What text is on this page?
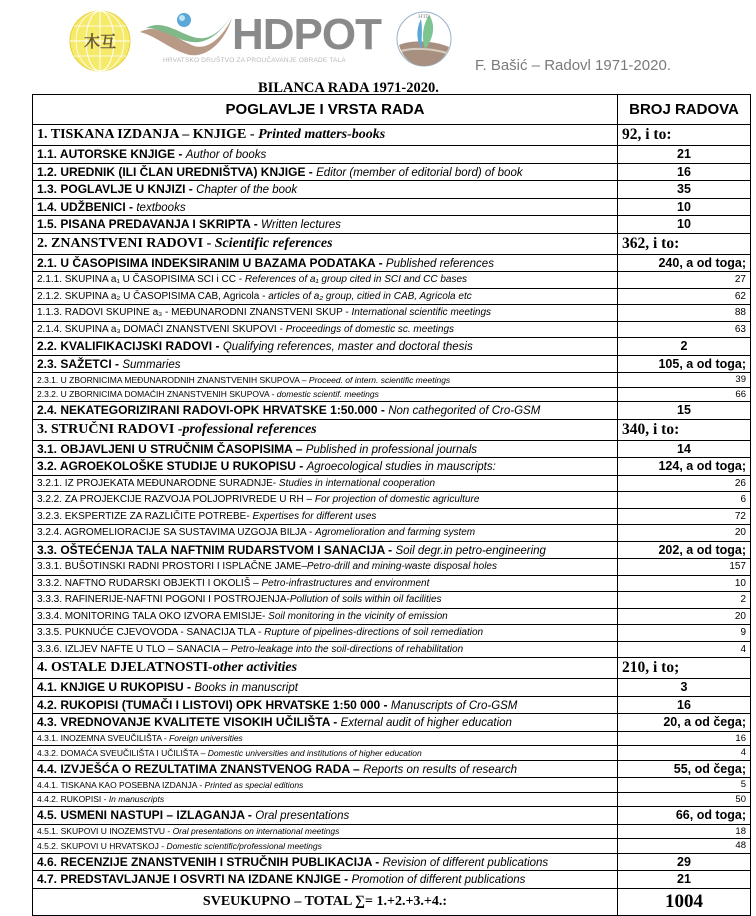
木互	HDPOT
HRVATSKO DRUŠTVO ZA PROUČAVANJE OBRADE TALA
HTD
F. Bašić – Radovl 1971-2020.
BILANCA RADA 1971-2020.
POGLAVLJE I VRSTA RADA	BROJ RADOVA
1. TISKANA IZDANJA – KNJIGE - Printed matters-books	92, i to:
1.1. AUTORSKE KNJIGE - Author of books	21
1.2. UREDNIK (ILI ČLAN UREDNIŠTVA) KNJIGE - Editor (member of editorial bord) of book	16
1.3. POGLAVLJE U KNJIZI - Chapter of the book	35
1.4. UDŽBENICI - textbooks	10
1.5. PISANA PREDAVANJA I SKRIPTA - Written lectures	10
2. ZNANSTVENI RADOVI - Scientific references	362, i to:
2.1. U ČASOPISIMA INDEKSIRANIM U BAZAMA PODATAKA - Published references	240, a od toga;
2.1.1. SKUPINA a₁ U ČASOPISIMA SCI i CC - References of a₁ group cited in SCI and CC bases	27
2.1.2. SKUPINA a₂ U ČASOPISIMA CAB, Agricola - articles of a₂ group, citied in CAB, Agricola etc	62
1.1.3. RADOVI SKUPINE a₃ - MEĐUNARODNI ZNANSTVENI SKUP - International scientific meetings	88
2.1.4. SKUPINA a₃ DOMAĆI ZNANSTVENI SKUPOVI - Proceedings of domestic sc. meetings	63
2.2. KVALIFIKACIJSKI RADOVI - Qualifying references, master and doctoral thesis	2
2.3. SAŽETCI - Summaries	105, a od toga;
2.3.1. U ZBORNICIMA MEĐUNARODNIH ZNANSTVENIH SKUPOVA – Proceed. of intern. scientific meetings	39
2.3.2. U ZBORNICIMA DOMAĆIH ZNANSTVENIH SKUPOVA - domestic scientif. meetings	66
2.4. NEKATEGORIZIRANI RADOVI-OPK HRVATSKE 1:50.000 - Non cathegorited of Cro-GSM	15
3. STRUČNI RADOVI -professional references	340, i to:
3.1. OBJAVLJENI U STRUČNIM ČASOPISIMA – Published in professional journals	14
3.2. AGROEKOLOŠKE STUDIJE U RUKOPISU - Agroecological studies in mauscripts:	124, a od toga;
3.2.1. IZ PROJEKATA MEĐUNARODNE SURADNJE- Studies in international cooperation	26
3.2.2. ZA PROJEKCIJE RAZVOJA POLJOPRIVREDE U RH – For projection of domestic agriculture	6
3.2.3. EKSPERTIZE ZA RAZLIČITE POTREBE- Expertises for different uses	72
3.2.4. AGROMELIORACIJE SA SUSTAVIMA UZGOJA BILJA - Agromelioration and farming system	20
3.3. OŠTEĆENJA TALA NAFTNIM RUDARSTVOM I SANACIJA - Soil degr.in petro-engineering	202, a od toga;
3.3.1. BUŠOTINSKI RADNI PROSTORI I ISPLAČNE JAME–Petro-drill and mining-waste disposal holes	157
3.3.2. NAFTNO RUDARSKI OBJEKTI I OKOLIŠ – Petro-infrastructures and environment	10
3.3.3. RAFINERIJE-NAFTNI POGONI I POSTROJENJA-Pollution of soils within oil facilities	2
3.3.4. MONITORING TALA OKO IZVORA EMISIJE- Soil monitoring in the vicinity of emission	20
3.3.5. PUKNUĆE CJEVOVODA - SANACIJA TLA - Rupture of pipelines-directions of soil remediation	9
3.3.6. IZLJEV NAFTE U TLO – SANACIA – Petro-leakage into the soil-directions of rehabilitation	4
4. OSTALE DJELATNOSTI-other activities	210, i to;
4.1. KNJIGE U RUKOPISU - Books in manuscript	3
4.2. RUKOPISI (TUMAČI I LISTOVI) OPK HRVATSKE 1:50 000 - Manuscripts of Cro-GSM	16
4.3. VREDNOVANJE KVALITETE VISOKIH UČILIŠTA - External audit of higher education	20, a od čega;
4.3.1. INOZEMNA SVEUČILIŠTA - Foreign universities	16
4.3.2. DOMAĆA SVEUČILIŠTA I UČILIŠTA – Domestic universities and institutions of higher education	4
4.4. IZVJEŠĆA O REZULTATIMA ZNANSTVENOG RADA – Reports on results of research	55, od čega;
4.4.1. TISKANA KAO POSEBNA IZDANJA - Printed as special editions	5
4.4.2. RUKOPISI - In manuscripts	50
4.5. USMENI NASTUPI – IZLAGANJA - Oral presentations	66, od toga;
4.5.1. SKUPOVI U INOZEMSTVU - Oral presentations on international meetings	18
4.5.2. SKUPOVI U HRVATSKOJ - Domestic scientific/professional meetings	48
4.6. RECENZIJE ZNANSTVENIH I STRUČNIH PUBLIKACIJA - Revision of different publications	29
4.7. PREDSTAVLJANJE I OSVRTI NA IZDANE KNJIGE - Promotion of different publications	21
SVEUKUPNO – TOTAL ∑= 1.+2.+3.+4.:	1004
